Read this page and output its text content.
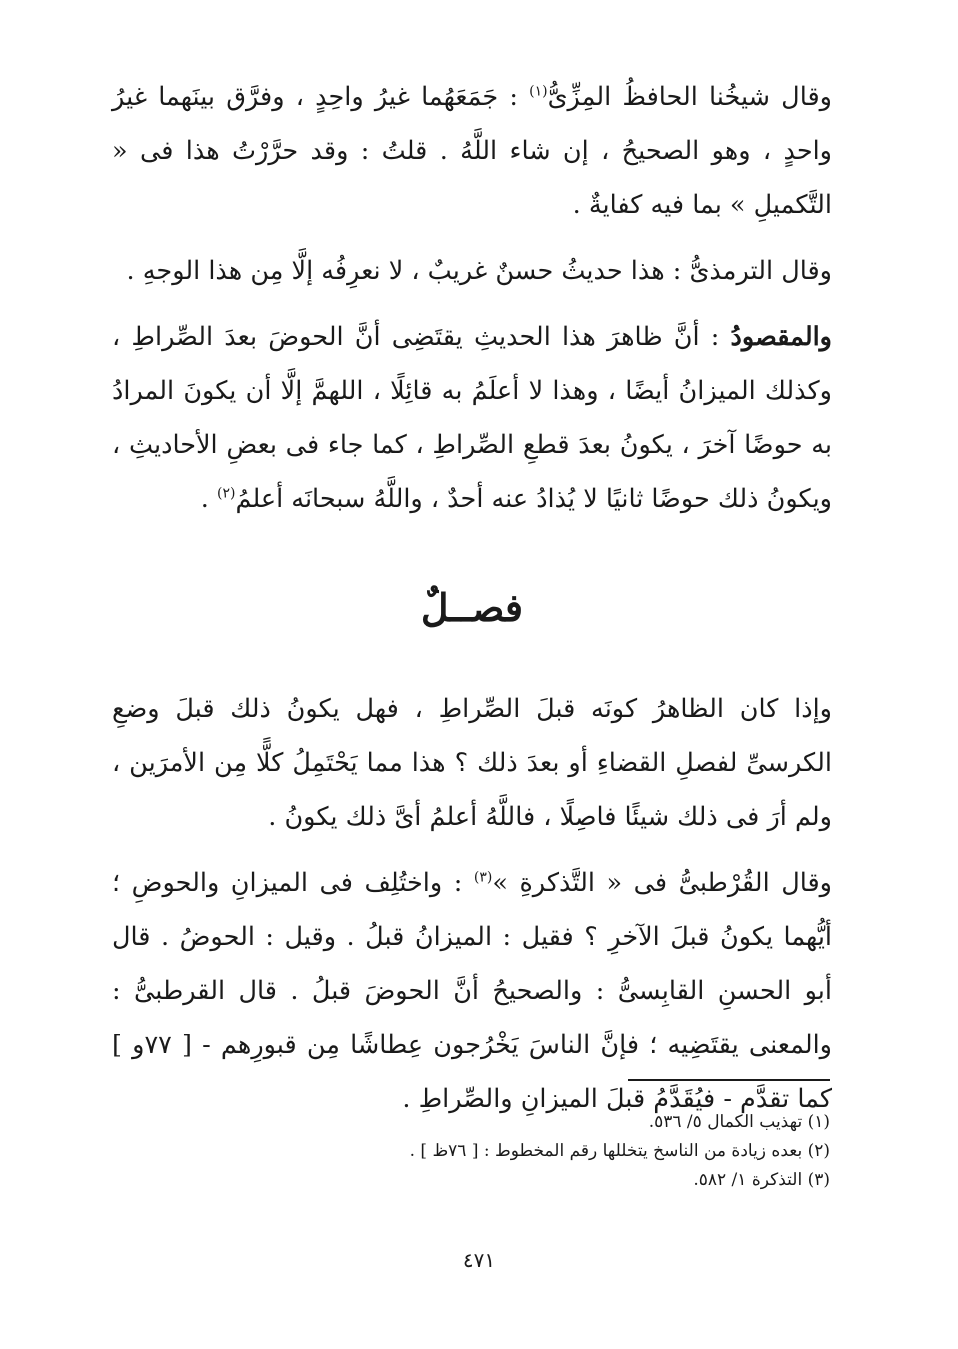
وقال شيخُنا الحافظُ المِزِّىُّ$^{(١)}$ : جَمَعَهُما غيرُ واحِدٍ ، وفرَّق بينَهما غيرُ واحدٍ ، وهو الصحيحُ ، إن شاء اللَّهُ . قلتُ : وقد حرَّرْتُ هذا فى « التَّكميلِ » بما فيه كفايةٌ .

وقال الترمذىُّ : هذا حديثُ حسنٌ غريبٌ ، لا نعرِفُه إلَّا مِن هذا الوجهِ .

والمقصودُ : أنَّ ظاهرَ هذا الحديثِ يقتَضِى أنَّ الحوضَ بعدَ الصِّراطِ ، وكذلك الميزانُ أيضًا ، وهذا لا أعلَمُ به قائِلًا ، اللهمَّ إلَّا أن يكونَ المرادُ به حوضًا آخرَ ، يكونُ بعدَ قطعِ الصِّراطِ ، كما جاء فى بعضِ الأحاديثِ ، ويكونُ ذلك حوضًا ثانيًا لا يُذادُ عنه أحدٌ ، واللَّهُ سبحانَه أعلمُ$^{(٢)}$ .

فصــلٌ

وإذا كان الظاهرُ كونَه قبلَ الصِّراطِ ، فهل يكونُ ذلك قبلَ وضعِ الكرسىِّ لفصلِ القضاءِ أو بعدَ ذلك ؟ هذا مما يَحْتَمِلُ كلًّا مِن الأمرَين ، ولم أرَ فى ذلك شيئًا فاصِلًا ، فاللَّهُ أعلمُ أىَّ ذلك يكونُ .

وقال القُرْطبىُّ فى « التَّذكرةِ »$^{(٣)}$ : واختُلِف فى الميزانِ والحوضِ ؛ أيُّهما يكونُ قبلَ الآخرِ ؟ فقيل : الميزانُ قبلُ . وقيل : الحوضُ . قال أبو الحسنِ القابِسىُّ : والصحيحُ أنَّ الحوضَ قبلُ . قال القرطبىُّ : والمعنى يقتَضِيه ؛ فإنَّ الناسَ يَخْرُجون عِطاشًا مِن قبورِهم - [ ٧٧و ] كما تقدَّم - فيُقَدَّمُ قبلَ الميزانِ والصِّراطِ .

(١) تهذيب الكمال ٥/ ٥٣٦.

(٢) بعده زيادة من الناسخ يتخللها رقم المخطوط : [ ٧٦ظ ] .

(٣) التذكرة ١/ ٥٨٢.

٤٧١
